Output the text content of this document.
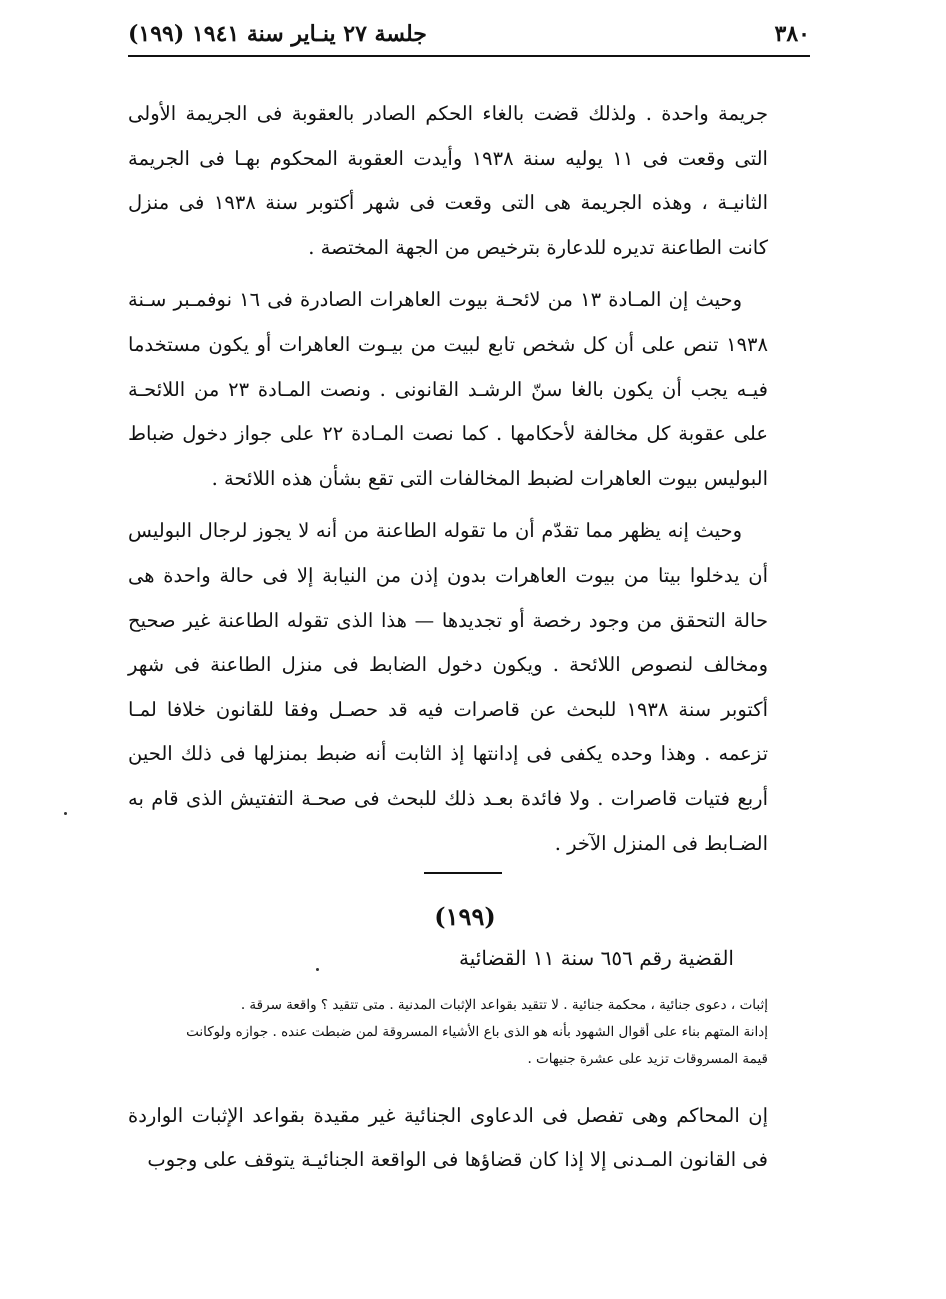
٣٨٠
جلسة ٢٧ ينـاير سنة ١٩٤١ (١٩٩)

جريمة واحدة . ولذلك قضت بالغاء الحكم الصادر بالعقوبة فى الجريمة الأولى التى وقعت فى ١١ يوليه سنة ١٩٣٨ وأيدت العقوبة المحكوم بهـا فى الجريمة الثانيـة ، وهذه الجريمة هى التى وقعت فى شهر أكتوبر سنة ١٩٣٨ فى منزل كانت الطاعنة تديره للدعارة بترخيص من الجهة المختصة .

وحيث إن المـادة ١٣ من لائحـة بيوت العاهرات الصادرة فى ١٦ نوفمـبر سـنة ١٩٣٨ تنص على أن كل شخص تابع لبيت من بيـوت العاهرات أو يكون مستخدما فيـه يجب أن يكون بالغا سنّ الرشـد القانونى . ونصت المـادة ٢٣ من اللائحـة على عقوبة كل مخالفة لأحكامها . كما نصت المـادة ٢٢ على جواز دخول ضباط البوليس بيوت العاهرات لضبط المخالفات التى تقع بشأن هذه اللائحة .

وحيث إنه يظهر مما تقدّم أن ما تقوله الطاعنة من أنه لا يجوز لرجال البوليس أن يدخلوا بيتا من بيوت العاهرات بدون إذن من النيابة إلا فى حالة واحدة هى حالة التحقق من وجود رخصة أو تجديدها — هذا الذى تقوله الطاعنة غير صحيح ومخالف لنصوص اللائحة . ويكون دخول الضابط فى منزل الطاعنة فى شهر أكتوبر سنة ١٩٣٨ للبحث عن قاصرات فيه قد حصـل وفقا للقانون خلافا لمـا تزعمه . وهذا وحده يكفى فى إدانتها إذ الثابت أنه ضبط بمنزلها فى ذلك الحين أربع فتيات قاصرات . ولا فائدة بعـد ذلك للبحث فى صحـة التفتيش الذى قام به الضـابط فى المنزل الآخر .

(١٩٩)
القضية رقم ٦٥٦ سنة ١١ القضائية

إثبات ، دعوى جنائية ، محكمة جنائية . لا تتقيد بقواعد الإثبات المدنية . متى تتقيد ؟ واقعة سرقة .

إدانة المتهم بناء على أقوال الشهود بأنه هو الذى باع الأشياء المسروقة لمن ضبطت عنده . جوازه ولوكانت

قيمة المسروقات تزيد على عشرة جنيهات .

إن المحاكم وهى تفصل فى الدعاوى الجنائية غير مقيدة بقواعد الإثبات الواردة فى القانون المـدنى إلا إذا كان قضاؤها فى الواقعة الجنائيـة يتوقف على وجوب
